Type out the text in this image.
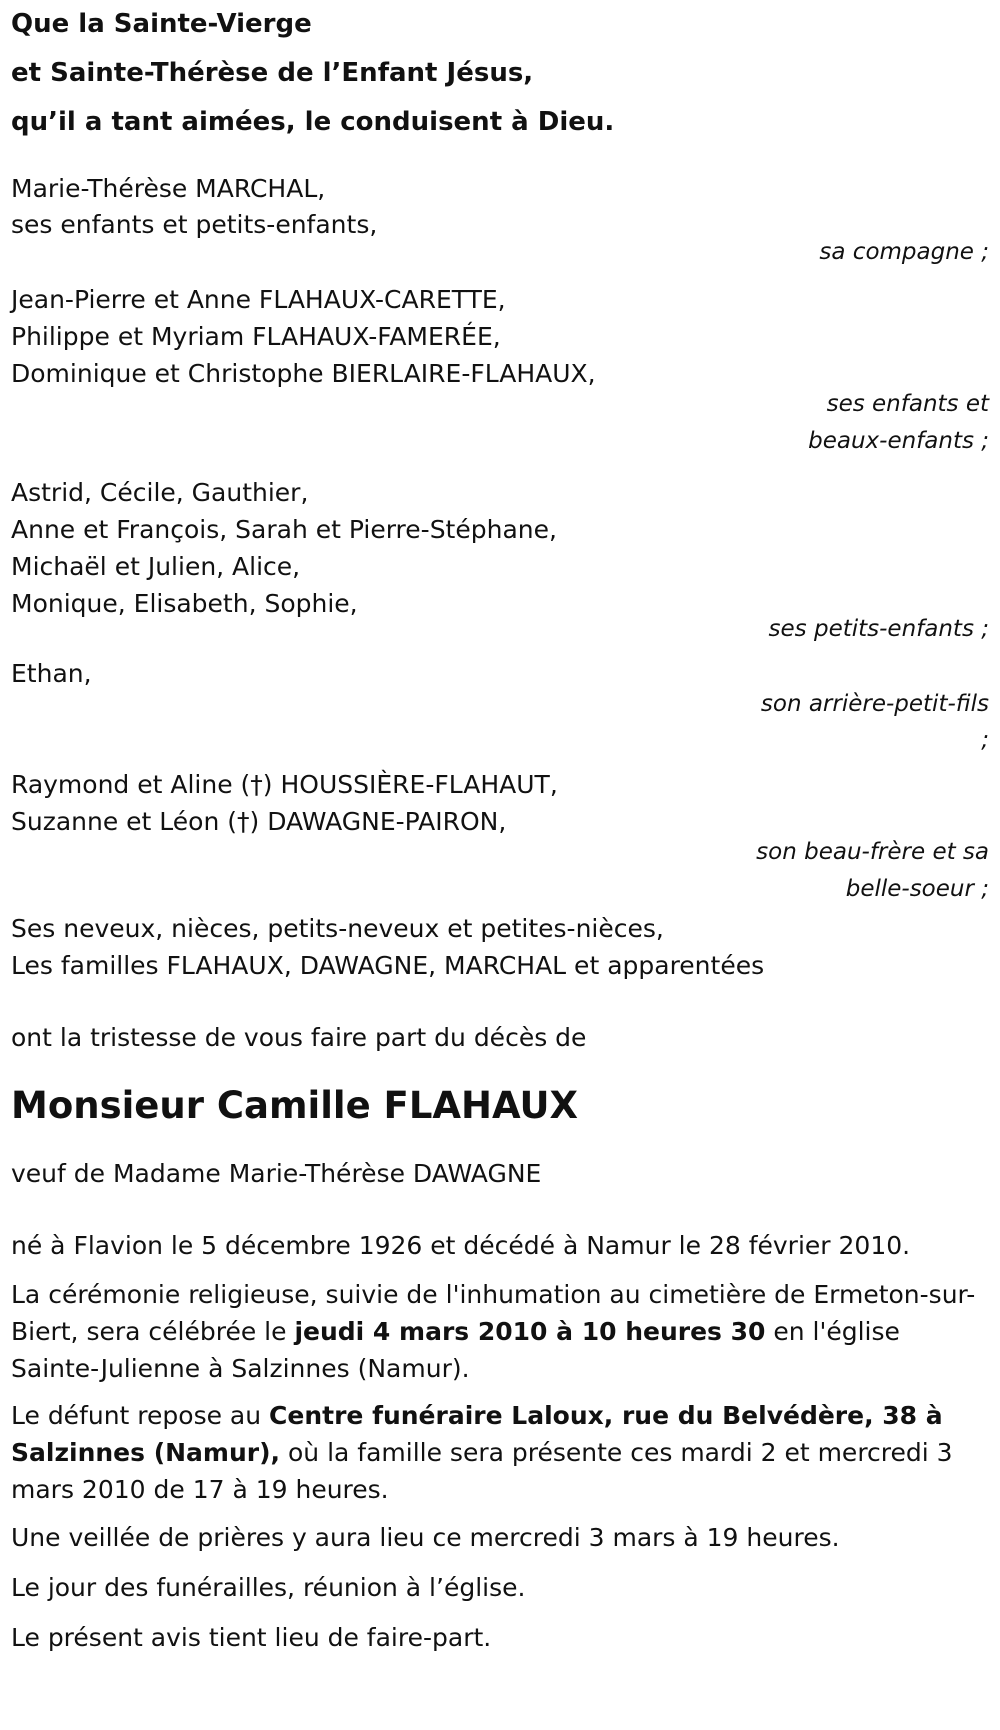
Que la Sainte-Vierge
et Sainte-Thérèse de l’Enfant Jésus,
qu’il a tant aimées, le conduisent à Dieu.
Marie-Thérèse MARCHAL,
ses enfants et petits-enfants,
sa compagne ;
Jean-Pierre et Anne FLAHAUX-CARETTE,
Philippe et Myriam FLAHAUX-FAMERÉE,
Dominique et Christophe BIERLAIRE-FLAHAUX,
ses enfants et
beaux-enfants ;
Astrid, Cécile, Gauthier,
Anne et François, Sarah et Pierre-Stéphane,
Michaël et Julien, Alice,
Monique, Elisabeth, Sophie,
ses petits-enfants ;
Ethan,
son arrière-petit-fils
;
Raymond et Aline (†) HOUSSIÈRE-FLAHAUT,
Suzanne et Léon (†) DAWAGNE-PAIRON,
son beau-frère et sa
belle-soeur ;
Ses neveux, nièces, petits-neveux et petites-nièces,
Les familles FLAHAUX, DAWAGNE, MARCHAL et apparentées
ont la tristesse de vous faire part du décès de
Monsieur Camille FLAHAUX
veuf de Madame Marie-Thérèse DAWAGNE
né à Flavion le 5 décembre 1926 et décédé à Namur le 28 février 2010.
La cérémonie religieuse, suivie de l'inhumation au cimetière de Ermeton-sur-Biert, sera célébrée le jeudi 4 mars 2010 à 10 heures 30 en l'église Sainte-Julienne à Salzinnes (Namur).
Le défunt repose au Centre funéraire Laloux, rue du Belvédère, 38 à Salzinnes (Namur), où la famille sera présente ces mardi 2 et mercredi 3 mars 2010 de 17 à 19 heures.
Une veillée de prières y aura lieu ce mercredi 3 mars à 19 heures.
Le jour des funérailles, réunion à l’église.
Le présent avis tient lieu de faire-part.
